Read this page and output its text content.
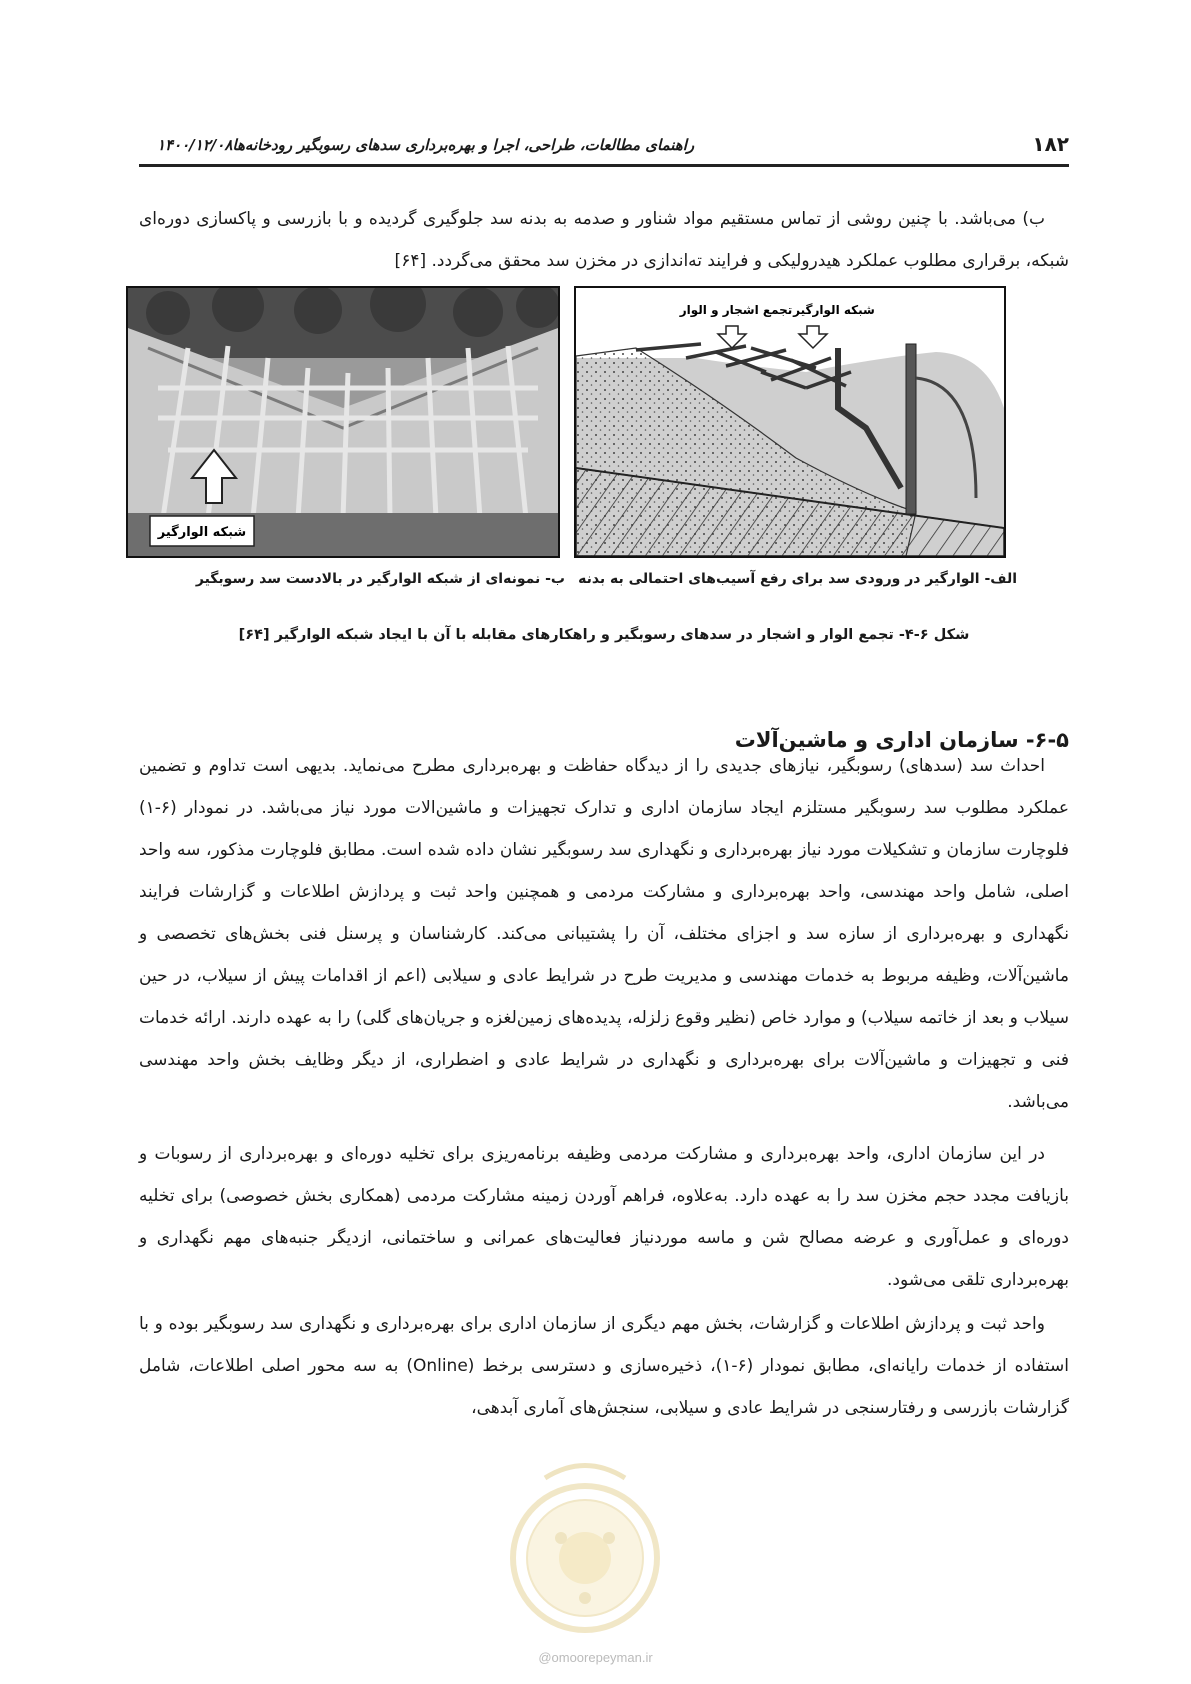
۱۸۲
راهنمای مطالعات، طراحی، اجرا و بهره‌برداری سدهای رسوبگیر رودخانه‌ها۱۴۰۰/۱۲/۰۸

ب) می‌باشد. با چنین روشی از تماس مستقیم مواد شناور و صدمه به بدنه سد جلوگیری گردیده و با بازرسی و پاکسازی دوره‌ای شبکه، برقراری مطلوب عملکرد هیدرولیکی و فرایند ته‌اندازی در مخزن سد محقق می‌گردد. [۶۴]

تجمع اشجار و الوار شبکه الوارگیر
شبکه الوارگیر
الف- الوارگیر در ورودی سد برای رفع آسیب‌های احتمالی به بدنه
ب- نمونه‌ای از شبکه الوارگیر در بالادست سد رسوبگیر
شکل ۶-۴- تجمع الوار و اشجار در سدهای رسوبگیر و راهکارهای مقابله با آن با ایجاد شبکه الوارگیر [۶۴]
۶-۵- سازمان اداری و ماشین‌آلات

احداث سد (سدهای) رسوبگیر، نیازهای جدیدی را از دیدگاه حفاظت و بهره‌برداری مطرح می‌نماید. بدیهی است تداوم و تضمین عملکرد مطلوب سد رسوبگیر مستلزم ایجاد سازمان اداری و تدارک تجهیزات و ماشین‌الات مورد نیاز می‌باشد. در نمودار (۶-۱) فلوچارت سازمان و تشکیلات مورد نیاز بهره‌برداری و نگهداری سد رسوبگیر نشان داده شده است. مطابق فلوچارت مذکور، سه واحد اصلی، شامل واحد مهندسی، واحد بهره‌برداری و مشارکت مردمی و همچنین واحد ثبت و پردازش اطلاعات و گزارشات فرایند نگهداری و بهره‌برداری از سازه سد و اجزای مختلف، آن را پشتیبانی می‌کند. کارشناسان و پرسنل فنی بخش‌های تخصصی و ماشین‌آلات، وظیفه مربوط به خدمات مهندسی و مدیریت طرح در شرایط عادی و سیلابی (اعم از اقدامات پیش از سیلاب، در حین سیلاب و بعد از خاتمه سیلاب) و موارد خاص (نظیر وقوع زلزله، پدیده‌های زمین‌لغزه و جریان‌های گلی) را به عهده دارند. ارائه خدمات فنی و تجهیزات و ماشین‌آلات برای بهره‌برداری و نگهداری در شرایط عادی و اضطراری، از دیگر وظایف بخش واحد مهندسی می‌باشد.

در این سازمان اداری، واحد بهره‌برداری و مشارکت مردمی وظیفه برنامه‌ریزی برای تخلیه دوره‌ای و بهره‌برداری از رسوبات و بازیافت مجدد حجم مخزن سد را به عهده دارد. به‌علاوه، فراهم آوردن زمینه مشارکت مردمی (همکاری بخش خصوصی) برای تخلیه دوره‌ای و عمل‌آوری و عرضه مصالح شن و ماسه موردنیاز فعالیت‌های عمرانی و ساختمانی، ازدیگر جنبه‌های مهم نگهداری و بهره‌برداری تلقی می‌شود.

واحد ثبت و پردازش اطلاعات و گزارشات، بخش مهم دیگری از سازمان اداری برای بهره‌برداری و نگهداری سد رسوبگیر بوده و با استفاده از خدمات رایانه‌ای، مطابق نمودار (۶-۱)، ذخیره‌سازی و دسترسی برخط (Online) به سه محور اصلی اطلاعات، شامل گزارشات بازرسی و رفتارسنجی در شرایط عادی و سیلابی، سنجش‌های آماری آبدهی،

@omoorepeyman.ir
